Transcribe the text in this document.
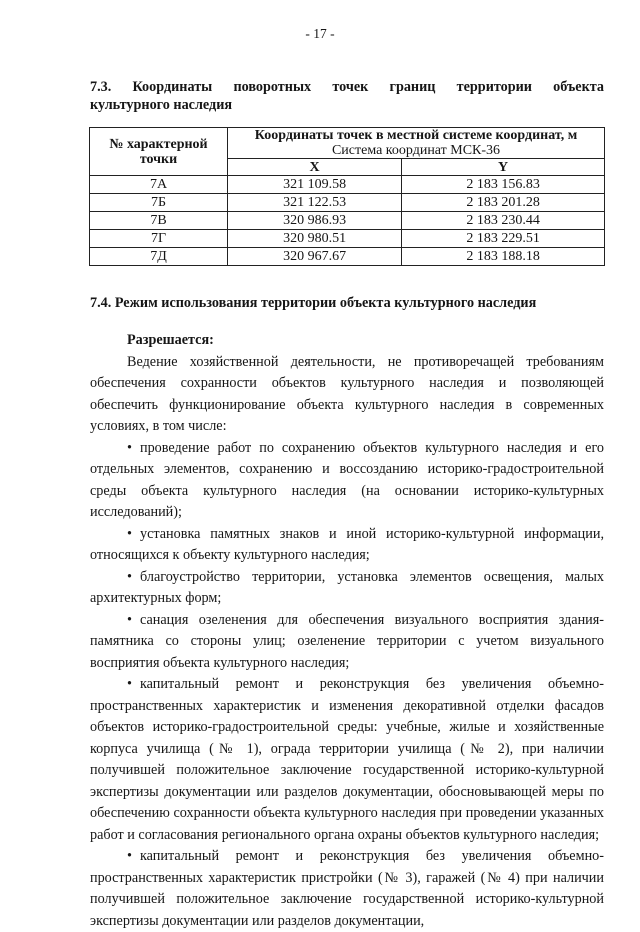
- 17 -
7.3. Координаты поворотных точек границ территории объекта
культурного наследия
№ характерной точки	Координаты точек в местной системе координат, м
Система координат МСК-36	

	X	Y
7А	321 109.58	2 183 156.83
7Б	321 122.53	2 183 201.28
7В	320 986.93	2 183 230.44
7Г	320 980.51	2 183 229.51
7Д	320 967.67	2 183 188.18
7.4. Режим использования территории объекта культурного наследия

Разрешается:

Ведение хозяйственной деятельности, не противоречащей требованиям обеспечения сохранности объектов культурного наследия и позволяющей обеспечить функционирование объекта культурного наследия в современных условиях, в том числе:

• проведение работ по сохранению объектов культурного наследия и его отдельных элементов, сохранению и воссозданию историко-градостроительной среды объекта культурного наследия (на основании историко-культурных исследований);

• установка памятных знаков и иной историко-культурной информации, относящихся к объекту культурного наследия;

• благоустройство территории, установка элементов освещения, малых архитектурных форм;

• санация озеленения для обеспечения визуального восприятия здания-памятника со стороны улиц; озеленение территории с учетом визуального восприятия объекта культурного наследия;

• капитальный ремонт и реконструкция без увеличения объемно-пространственных характеристик и изменения декоративной отделки фасадов объектов историко-градостроительной среды: учебные, жилые и хозяйственные корпуса училища (№ 1), ограда территории училища (№ 2), при наличии получившей положительное заключение государственной историко-культурной экспертизы документации или разделов документации, обосновывающей меры по обеспечению сохранности объекта культурного наследия при проведении указанных работ и согласования регионального органа охраны объектов культурного наследия;

• капитальный ремонт и реконструкция без увеличения объемно-пространственных характеристик пристройки (№ 3), гаражей (№ 4) при наличии получившей положительное заключение государственной историко-культурной экспертизы документации или разделов документации,
